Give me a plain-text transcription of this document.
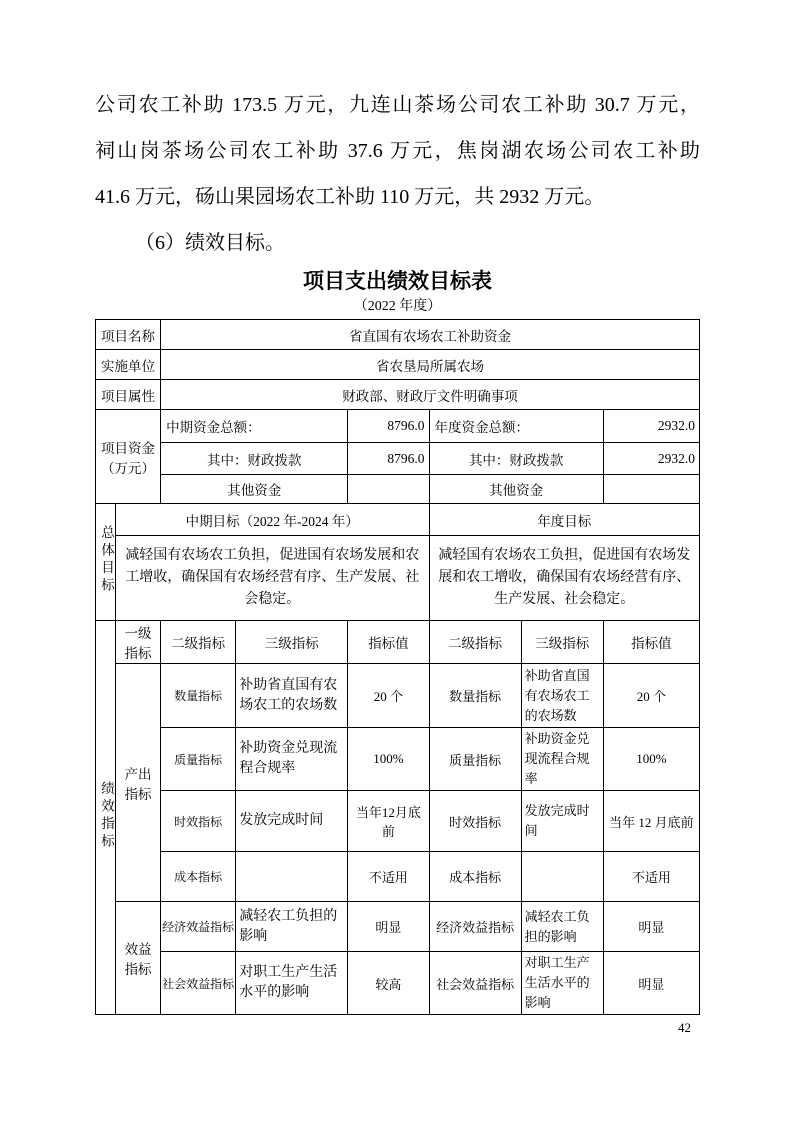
公司农工补助 173.5 万元，九连山茶场公司农工补助 30.7 万元，
祠山岗茶场公司农工补助 37.6 万元，焦岗湖农场公司农工补助
41.6 万元，砀山果园场农工补助 110 万元，共 2932 万元。
（6）绩效目标。
项目支出绩效目标表
（2022 年度）
项目名称		省直国有农场农工补助资金					
实施单位		省农垦局所属农场					
项目属性		财政部、财政厅文件明确事项					
项目资金（万元）		中期资金总额：		8796.0	年度资金总额：		2932.0
		其中：财政拨款		8796.0	其中：财政拨款		2932.0
		其他资金			其他资金		
总体目标	中期目标（2022 年-2024 年）				年度目标		
	减轻国有农场农工负担，促进国有农场发展和农工增收，确保国有农场经营有序、生产发展、社会稳定。				减轻国有农场农工负担，促进国有农场发展和农工增收，确保国有农场经营有序、生产发展、社会稳定。		
绩效指标	一级指标	二级指标	三级指标	指标值	二级指标	三级指标	指标值
	产出指标	数量指标	补助省直国有农场农工的农场数	20 个	数量指标	补助省直国有农场农工的农场数	20 个
		质量指标	补助资金兑现流程合规率	100%	质量指标	补助资金兑现流程合规率	100%
		时效指标	发放完成时间	当年12月底前	时效指标	发放完成时间	当年 12 月底前
		成本指标		不适用	成本指标		不适用
	效益指标	经济效益指标	减轻农工负担的影响	明显	经济效益指标	减轻农工负担的影响	明显
		社会效益指标	对职工生产生活水平的影响	较高	社会效益指标	对职工生产生活水平的影响	明显
42
